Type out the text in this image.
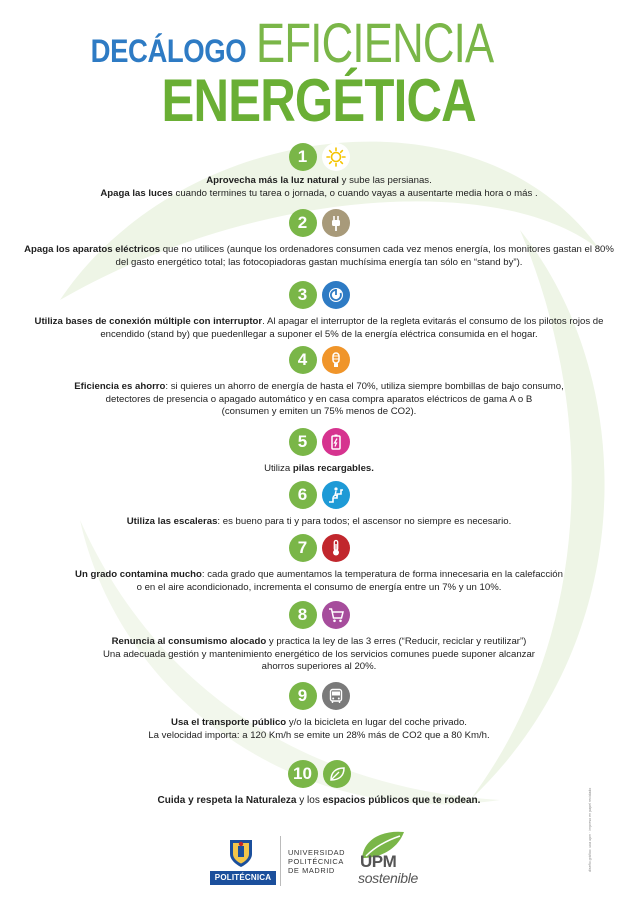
DECÁLOGO EFICIENCIA
ENERGÉTICA
1
Aprovecha más la luz natural y sube las persianas.
Apaga las luces cuando termines tu tarea o jornada, o cuando vayas a ausentarte media hora o más .
2
Apaga los aparatos eléctricos que no utilices (aunque los ordenadores consumen cada vez menos energía, los monitores gastan el 80% del gasto energético total; las fotocopiadoras gastan muchísima energía tan sólo en “stand by”).
3
Utiliza bases de conexión múltiple con interruptor. Al apagar el interruptor de la regleta evitarás el consumo de los pilotos rojos de encendido (stand by) que puedenllegar a suponer el 5% de la energía eléctrica consumida en el hogar.
4
Eficiencia es ahorro: si quieres un ahorro de energía de hasta el 70%, utiliza siempre bombillas de bajo consumo,
detectores de presencia o apagado automático y en casa compra aparatos eléctricos de gama A o B
(consumen y emiten un 75% menos de CO2).
5
Utiliza pilas recargables.
6
Utiliza las escaleras: es bueno para ti y para todos; el ascensor no siempre es necesario.
7
Un grado contamina mucho: cada grado que aumentamos la temperatura de forma innecesaria en la calefacción
o en el aire acondicionado, incrementa el consumo de energía entre un 7% y un 10%.
8
Renuncia al consumismo alocado y practica la ley de las 3 erres (“Reducir, reciclar y reutilizar”)
Una adecuada gestión y mantenimiento energético de los servicios comunes puede suponer alcanzar
ahorros superiores al 20%.
9
Usa el transporte público y/o la bicicleta en lugar del coche privado.
La velocidad importa: a 120 Km/h se emite un 28% más de CO2 que a 80 Km/h.
10
Cuida y respeta la Naturaleza y los espacios públicos que te rodean.	diseño gráfico: uca upm · impreso en papel reciclado
POLITÉCNICA
UNIVERSIDAD
POLITÉCNICA
DE MADRID	UPM
sostenible
